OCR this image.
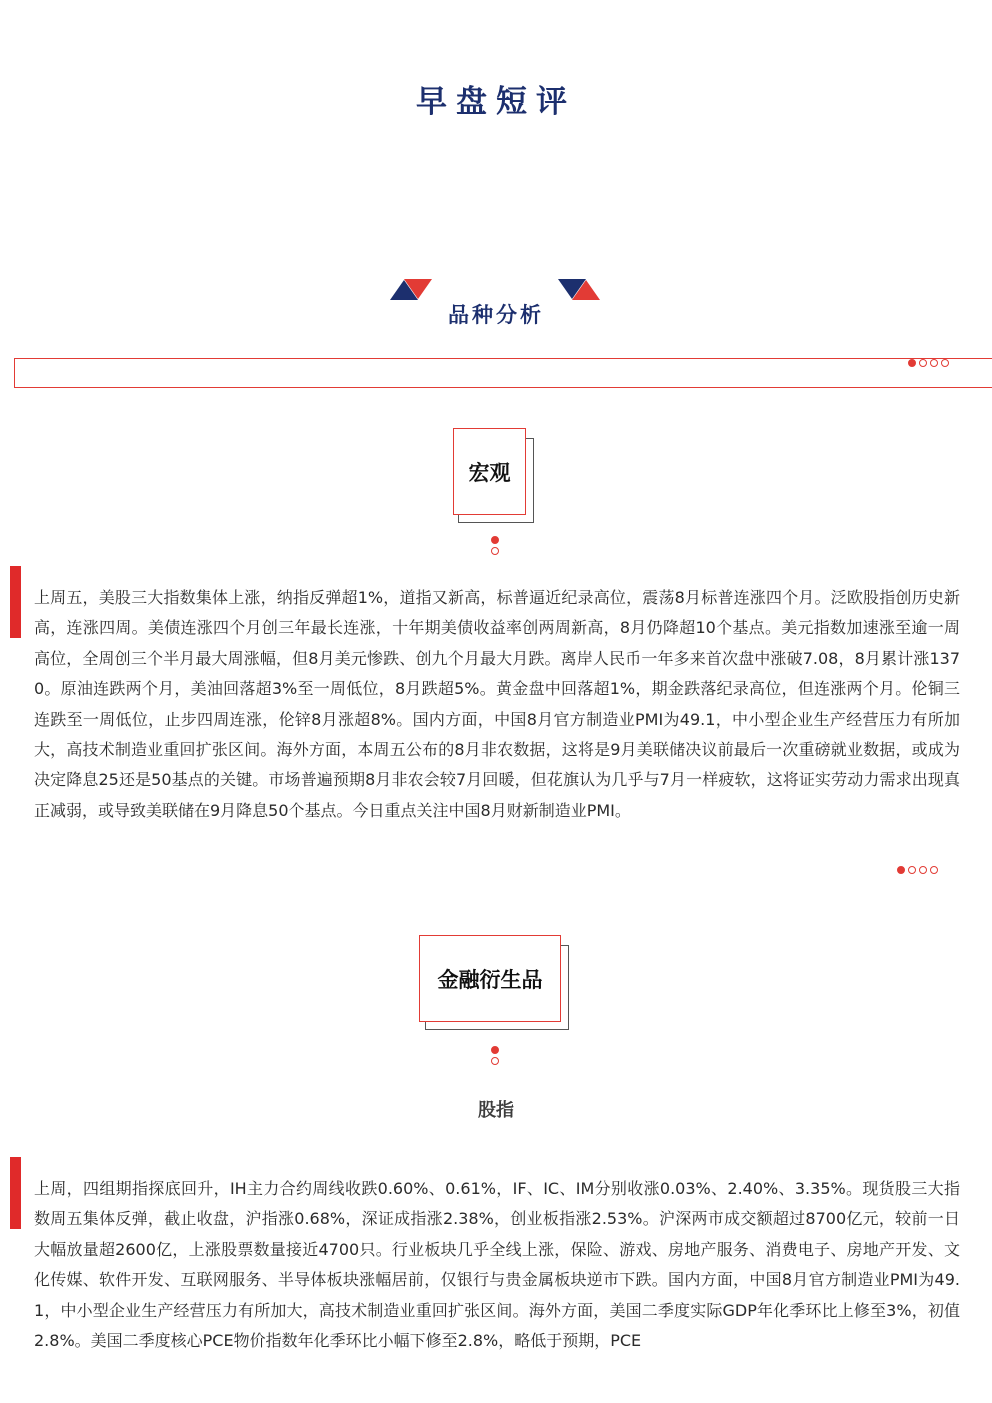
早盘短评
品种分析
宏观
上周五，美股三大指数集体上涨，纳指反弹超1%，道指又新高，标普逼近纪录高位，震荡8月标普连涨四个月。泛欧股指创历史新高，连涨四周。美债连涨四个月创三年最长连涨，十年期美债收益率创两周新高，8月仍降超10个基点。美元指数加速涨至逾一周高位，全周创三个半月最大周涨幅，但8月美元惨跌、创九个月最大月跌。离岸人民币一年多来首次盘中涨破7.08，8月累计涨1370。原油连跌两个月，美油回落超3%至一周低位，8月跌超5%。黄金盘中回落超1%，期金跌落纪录高位，但连涨两个月。伦铜三连跌至一周低位，止步四周连涨，伦锌8月涨超8%。国内方面，中国8月官方制造业PMI为49.1，中小型企业生产经营压力有所加大，高技术制造业重回扩张区间。海外方面，本周五公布的8月非农数据，这将是9月美联储决议前最后一次重磅就业数据，或成为决定降息25还是50基点的关键。市场普遍预期8月非农会较7月回暖，但花旗认为几乎与7月一样疲软，这将证实劳动力需求出现真正减弱，或导致美联储在9月降息50个基点。今日重点关注中国8月财新制造业PMI。
金融衍生品
股指
上周，四组期指探底回升，IH主力合约周线收跌0.60%、0.61%，IF、IC、IM分别收涨0.03%、2.40%、3.35%。现货股三大指数周五集体反弹，截止收盘，沪指涨0.68%，深证成指涨2.38%，创业板指涨2.53%。沪深两市成交额超过8700亿元，较前一日大幅放量超2600亿，上涨股票数量接近4700只。行业板块几乎全线上涨，保险、游戏、房地产服务、消费电子、房地产开发、文化传媒、软件开发、互联网服务、半导体板块涨幅居前，仅银行与贵金属板块逆市下跌。国内方面，中国8月官方制造业PMI为49.1，中小型企业生产经营压力有所加大，高技术制造业重回扩张区间。海外方面，美国二季度实际GDP年化季环比上修至3%，初值2.8%。美国二季度核心PCE物价指数年化季环比小幅下修至2.8%，略低于预期，PCE
